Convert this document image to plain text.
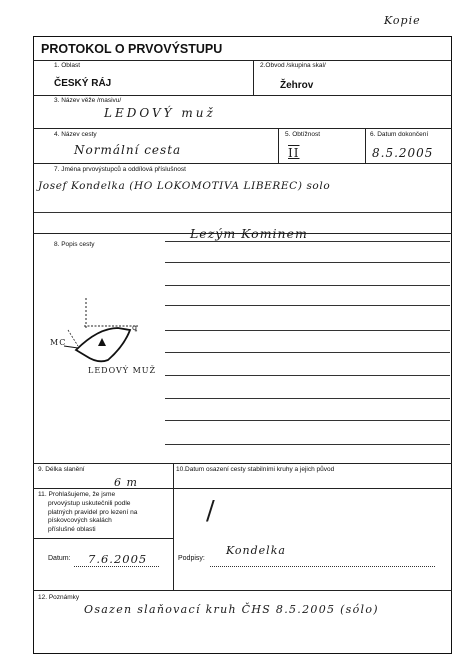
Kopie
PROTOKOL O PRVOVÝSTUPU
1. Oblast
ČESKÝ RÁJ
2.Obvod /skupina skal/
Žehrov
3. Název věže /masivu/
LEDOVÝ muž
4. Název cesty
Normální cesta
5. Obtížnost
II
6. Datum dokončení
8.5.2005
7. Jména prvovýstupců a oddílová příslušnost
Josef Kondelka (HO LOKOMOTIVA LIBEREC) solo
8. Popis cesty
Lezým Kominem
ꝗ
MC
LEDOVÝ MUŽ
9. Délka slanění
6 m
10.Datum osazení cesty stabilními kruhy a jejich původ
/
11. Prohlašujeme, že jsme
prvovýstup uskutečnili podle
platných pravidel pro lezení na
pískovcových skalách
příslušné oblasti
Datum: 7.6.2005	Podpisy:
Kondelka
12. Poznámky
Osazen slaňovací kruh ČHS 8.5.2005 (sólo)
